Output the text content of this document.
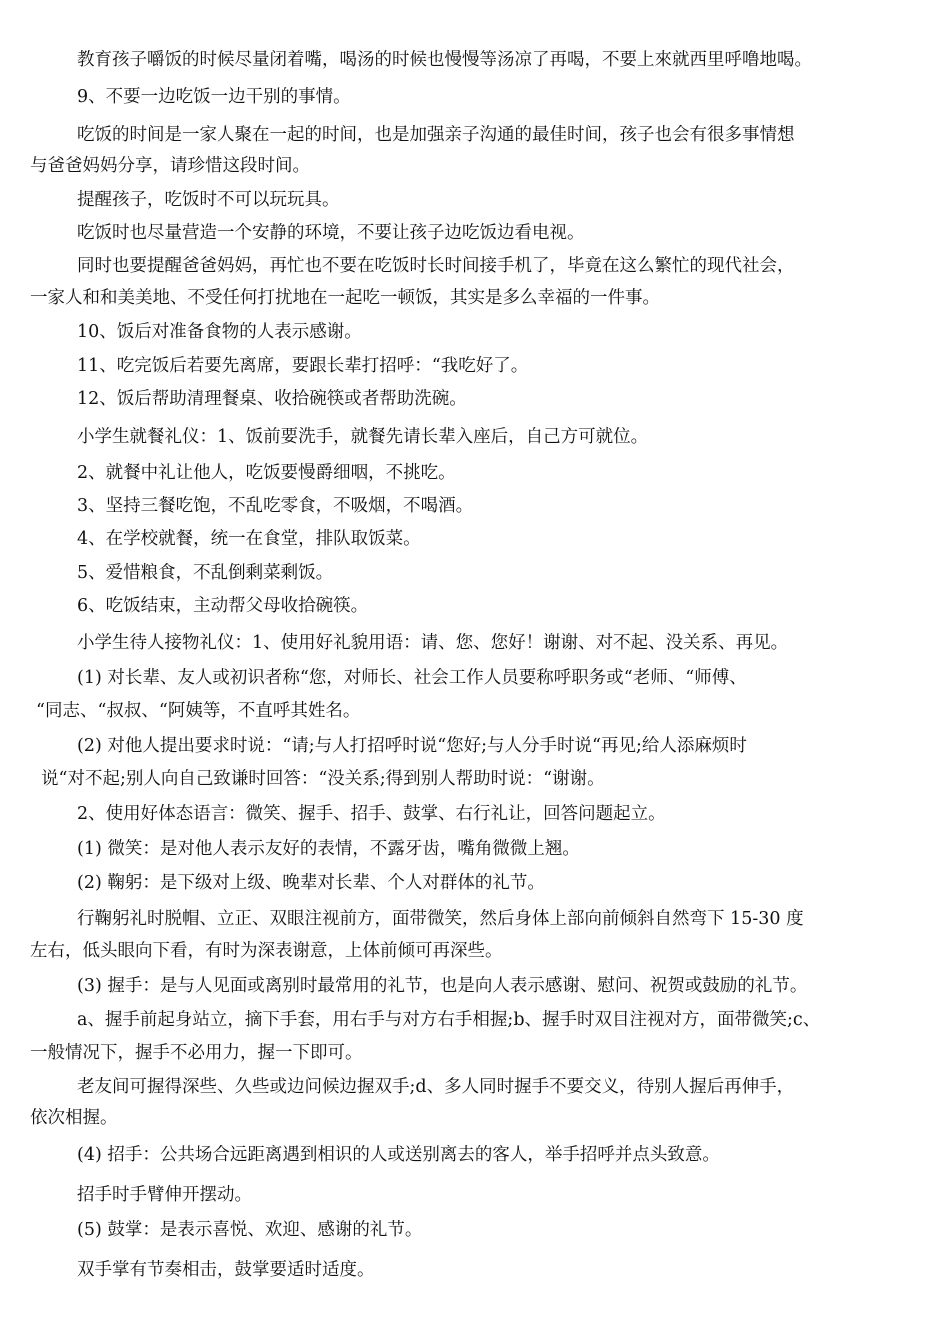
教育孩子嚼饭的时候尽量闭着嘴，喝汤的时候也慢慢等汤凉了再喝，不要上來就西里呼噜地喝。
9、不要一边吃饭一边干别的事情。
吃饭的时间是一家人聚在一起的时间，也是加强亲子沟通的最佳时间，孩子也会有很多事情想
与爸爸妈妈分享，请珍惜这段时间。
提醒孩子，吃饭时不可以玩玩具。
吃饭时也尽量营造一个安静的环境，不要让孩子边吃饭边看电视。
同时也要提醒爸爸妈妈，再忙也不要在吃饭时长时间接手机了，毕竟在这么繁忙的现代社会，
一家人和和美美地、不受任何打扰地在一起吃一顿饭，其实是多么幸福的一件事。
10、饭后对准备食物的人表示感谢。
11、吃完饭后若要先离席，要跟长辈打招呼：“我吃好了。
12、饭后帮助清理餐桌、收拾碗筷或者帮助洗碗。
小学生就餐礼仪：1、饭前要洗手，就餐先请长辈入座后，自己方可就位。
2、就餐中礼让他人，吃饭要慢爵细咽，不挑吃。
3、坚持三餐吃饱，不乱吃零食，不吸烟，不喝酒。
4、在学校就餐，统一在食堂，排队取饭菜。
5、爱惜粮食，不乱倒剩菜剩饭。
6、吃饭结束，主动帮父母收拾碗筷。
小学生待人接物礼仪：1、使用好礼貌用语：请、您、您好！谢谢、对不起、没关系、再见。
(1) 对长辈、友人或初识者称“您，对师长、社会工作人员要称呼职务或“老师、“师傅、
“同志、“叔叔、“阿姨等，不直呼其姓名。
(2) 对他人提出要求时说：“请;与人打招呼时说“您好;与人分手时说“再见;给人添麻烦时
说“对不起;别人向自己致谦时回答：“没关系;得到别人帮助时说：“谢谢。
2、使用好体态语言：微笑、握手、招手、鼓掌、右行礼让，回答问题起立。
(1) 微笑：是对他人表示友好的表情，不露牙齿，嘴角微微上翘。
(2) 鞠躬：是下级对上级、晚辈对长辈、个人对群体的礼节。
行鞠躬礼时脱帽、立正、双眼注视前方，面带微笑，然后身体上部向前倾斜自然弯下 15-30 度
左右，低头眼向下看，有时为深表谢意，上体前倾可再深些。
(3) 握手：是与人见面或离别时最常用的礼节，也是向人表示感谢、慰问、祝贺或鼓励的礼节。
a、握手前起身站立，摘下手套，用右手与对方右手相握;b、握手时双目注视对方，面带微笑;c、
一般情况下，握手不必用力，握一下即可。
老友间可握得深些、久些或边问候边握双手;d、多人同时握手不要交义，待别人握后再伸手，
依次相握。
(4) 招手：公共场合远距离遇到相识的人或送别离去的客人，举手招呼并点头致意。
招手时手臂伸开摆动。
(5) 鼓掌：是表示喜悦、欢迎、感谢的礼节。
双手掌有节奏相击，鼓掌要适时适度。
